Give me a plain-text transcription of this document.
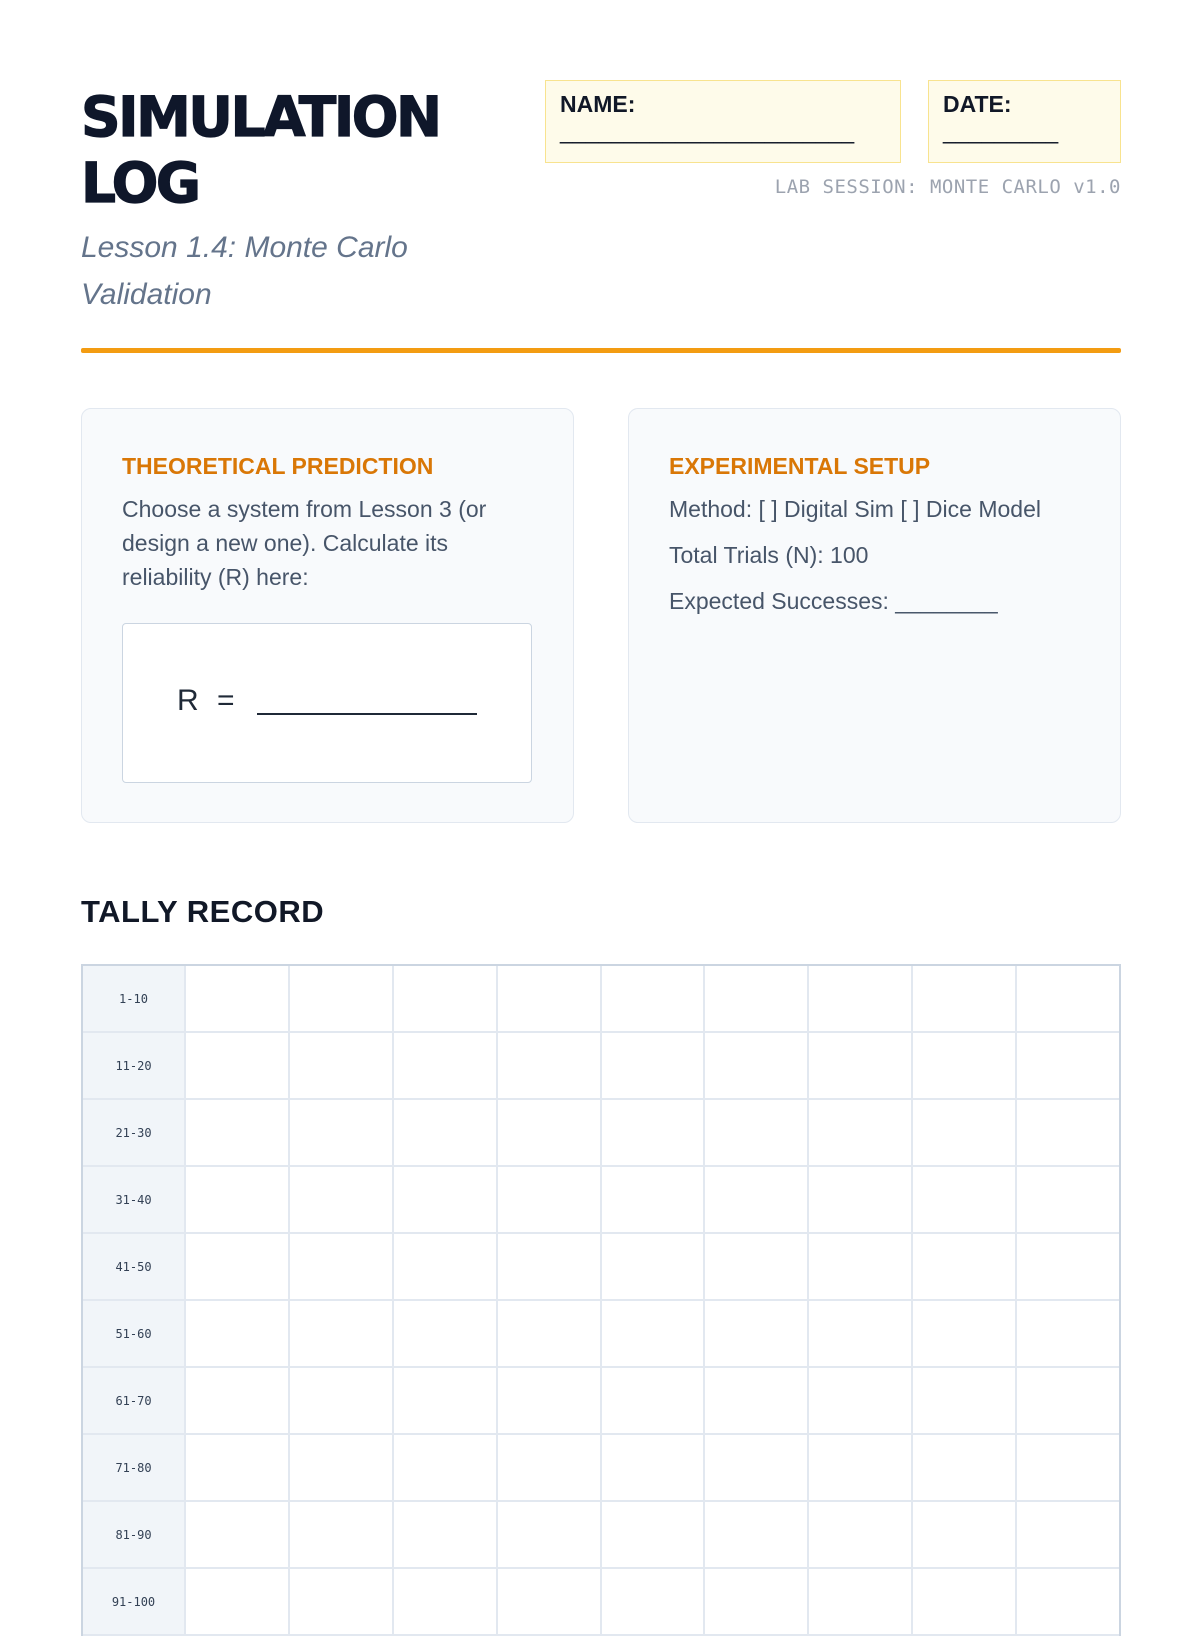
SIMULATION
LOG
Lesson 1.4: Monte Carlo
Validation
NAME:
_______________________
DATE:
_________
LAB SESSION: MONTE CARLO v1.0
THEORETICAL PREDICTION
Choose a system from Lesson 3 (or design a new one). Calculate its reliability (R) here:
R =
EXPERIMENTAL SETUP
Method: [ ] Digital Sim [ ] Dice Model
Total Trials (N): 100
Expected Successes: ________
TALLY RECORD
1-10
11-20
21-30
31-40
41-50
51-60
61-70
71-80
81-90
91-100
